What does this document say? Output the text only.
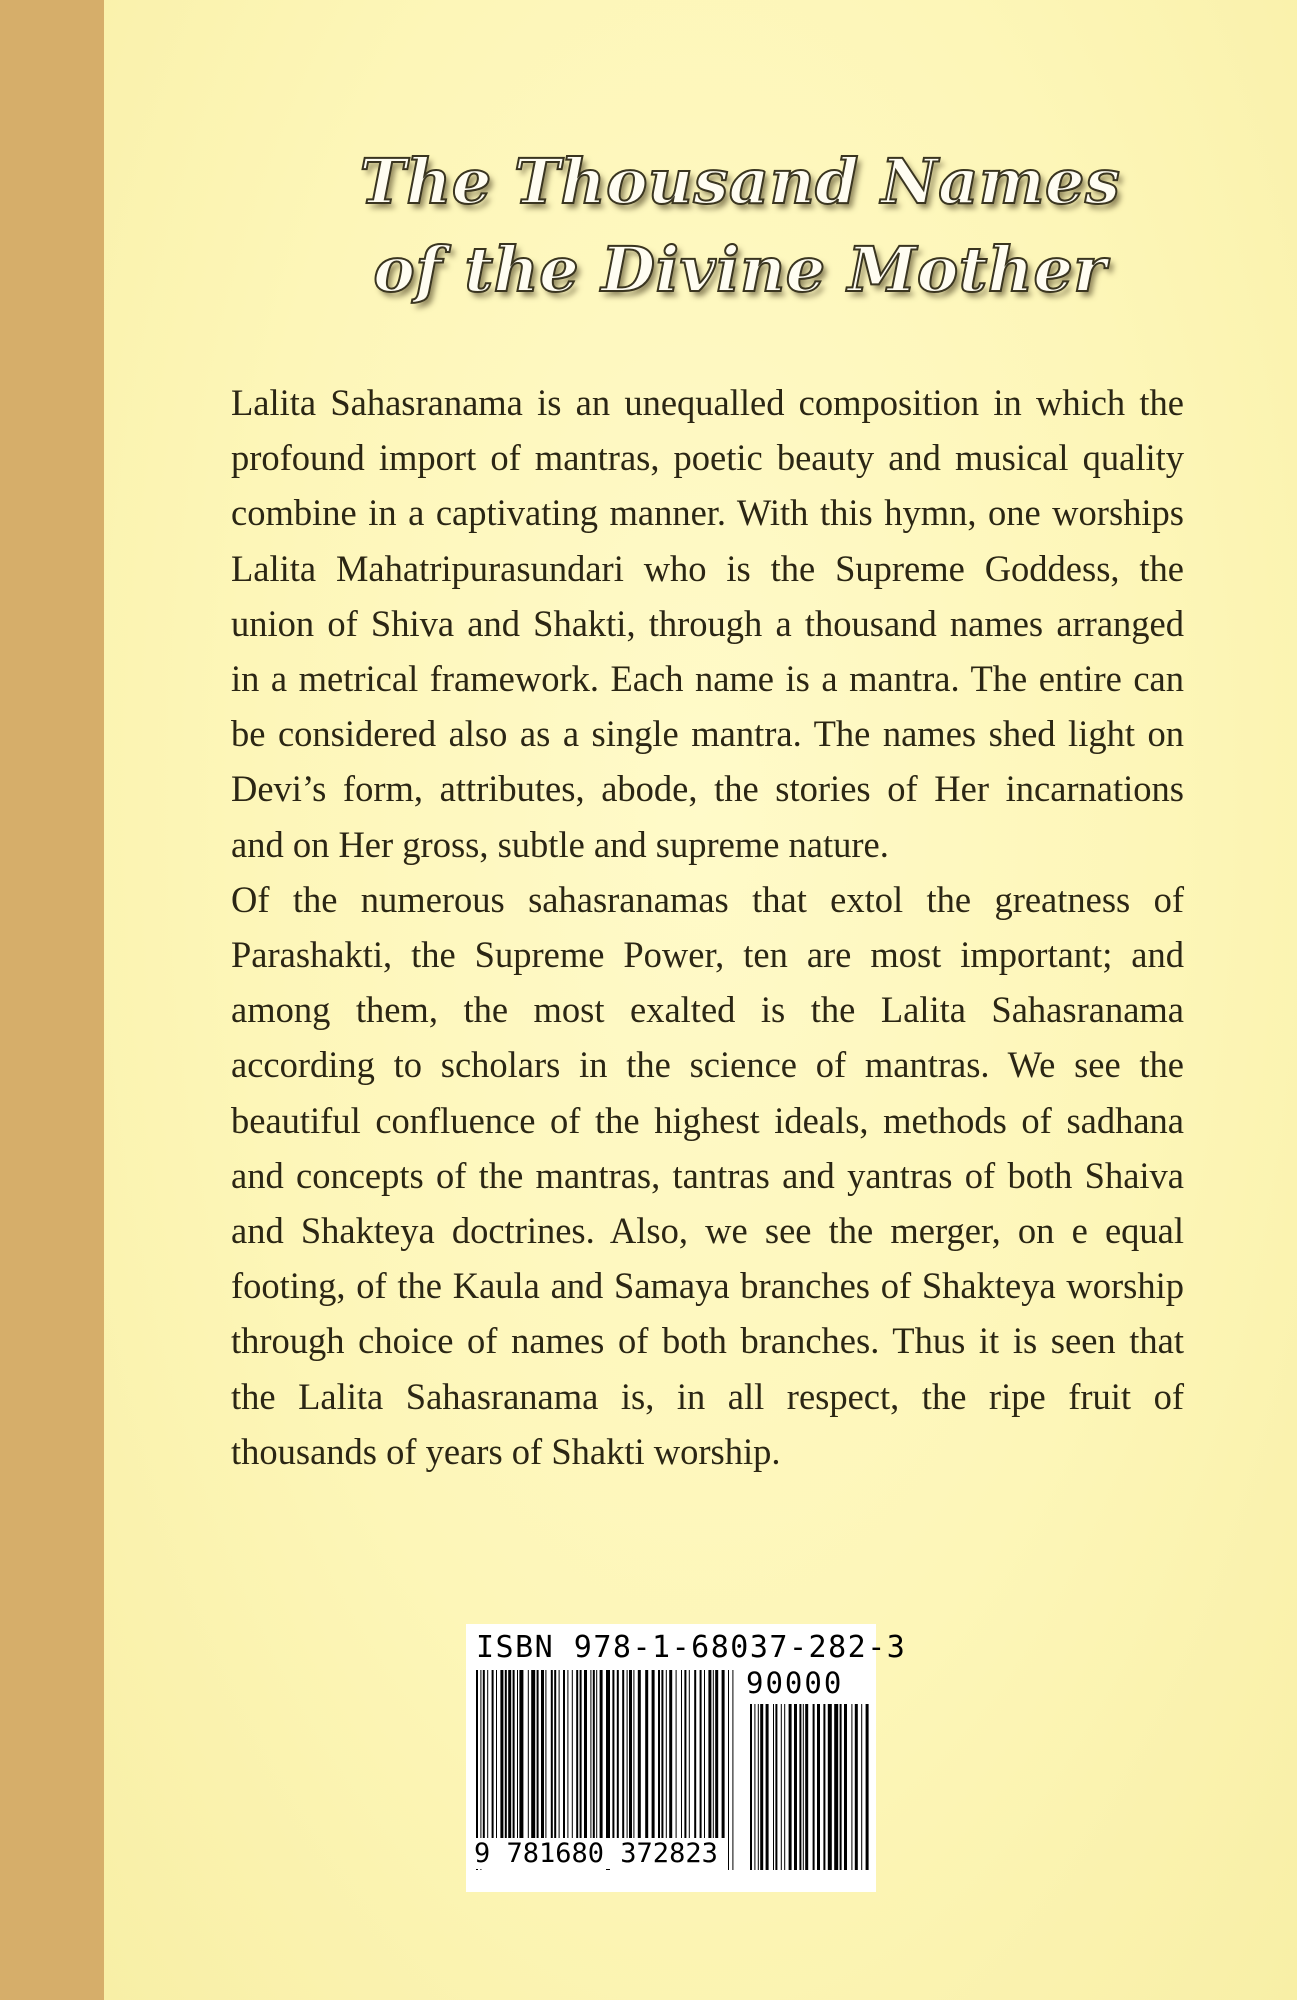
The Thousand Names
of the Divine Mother

Lalita Sahasranama is an unequalled composition in which the profound import of mantras, poetic beauty and musical quality combine in a captivating manner. With this hymn, one worships Lalita Mahatripurasundari who is the Supreme Goddess, the union of Shiva and Shakti, through a thousand names arranged in a metrical framework. Each name is a mantra. The entire can be considered also as a single mantra. The names shed light on Devi’s form, attributes, abode, the stories of Her incarnations and on Her gross, subtle and supreme nature.

Of the numerous sahasranamas that extol the greatness of Parashakti, the Supreme Power, ten are most important; and among them, the most exalted is the Lalita Sahasranama according to scholars in the science of mantras. We see the beautiful confluence of the highest ideals, methods of sadhana and concepts of the mantras, tantras and yantras of both Shaiva and Shakteya doctrines. Also, we see the merger, on e equal footing, of the Kaula and Samaya branches of Shakteya worship through choice of names of both branches. Thus it is seen that the Lalita Sahasranama is, in all respect, the ripe fruit of thousands of years of Shakti worship.

ISBN 978-1-68037-282-3
90000
9 781680 372823
